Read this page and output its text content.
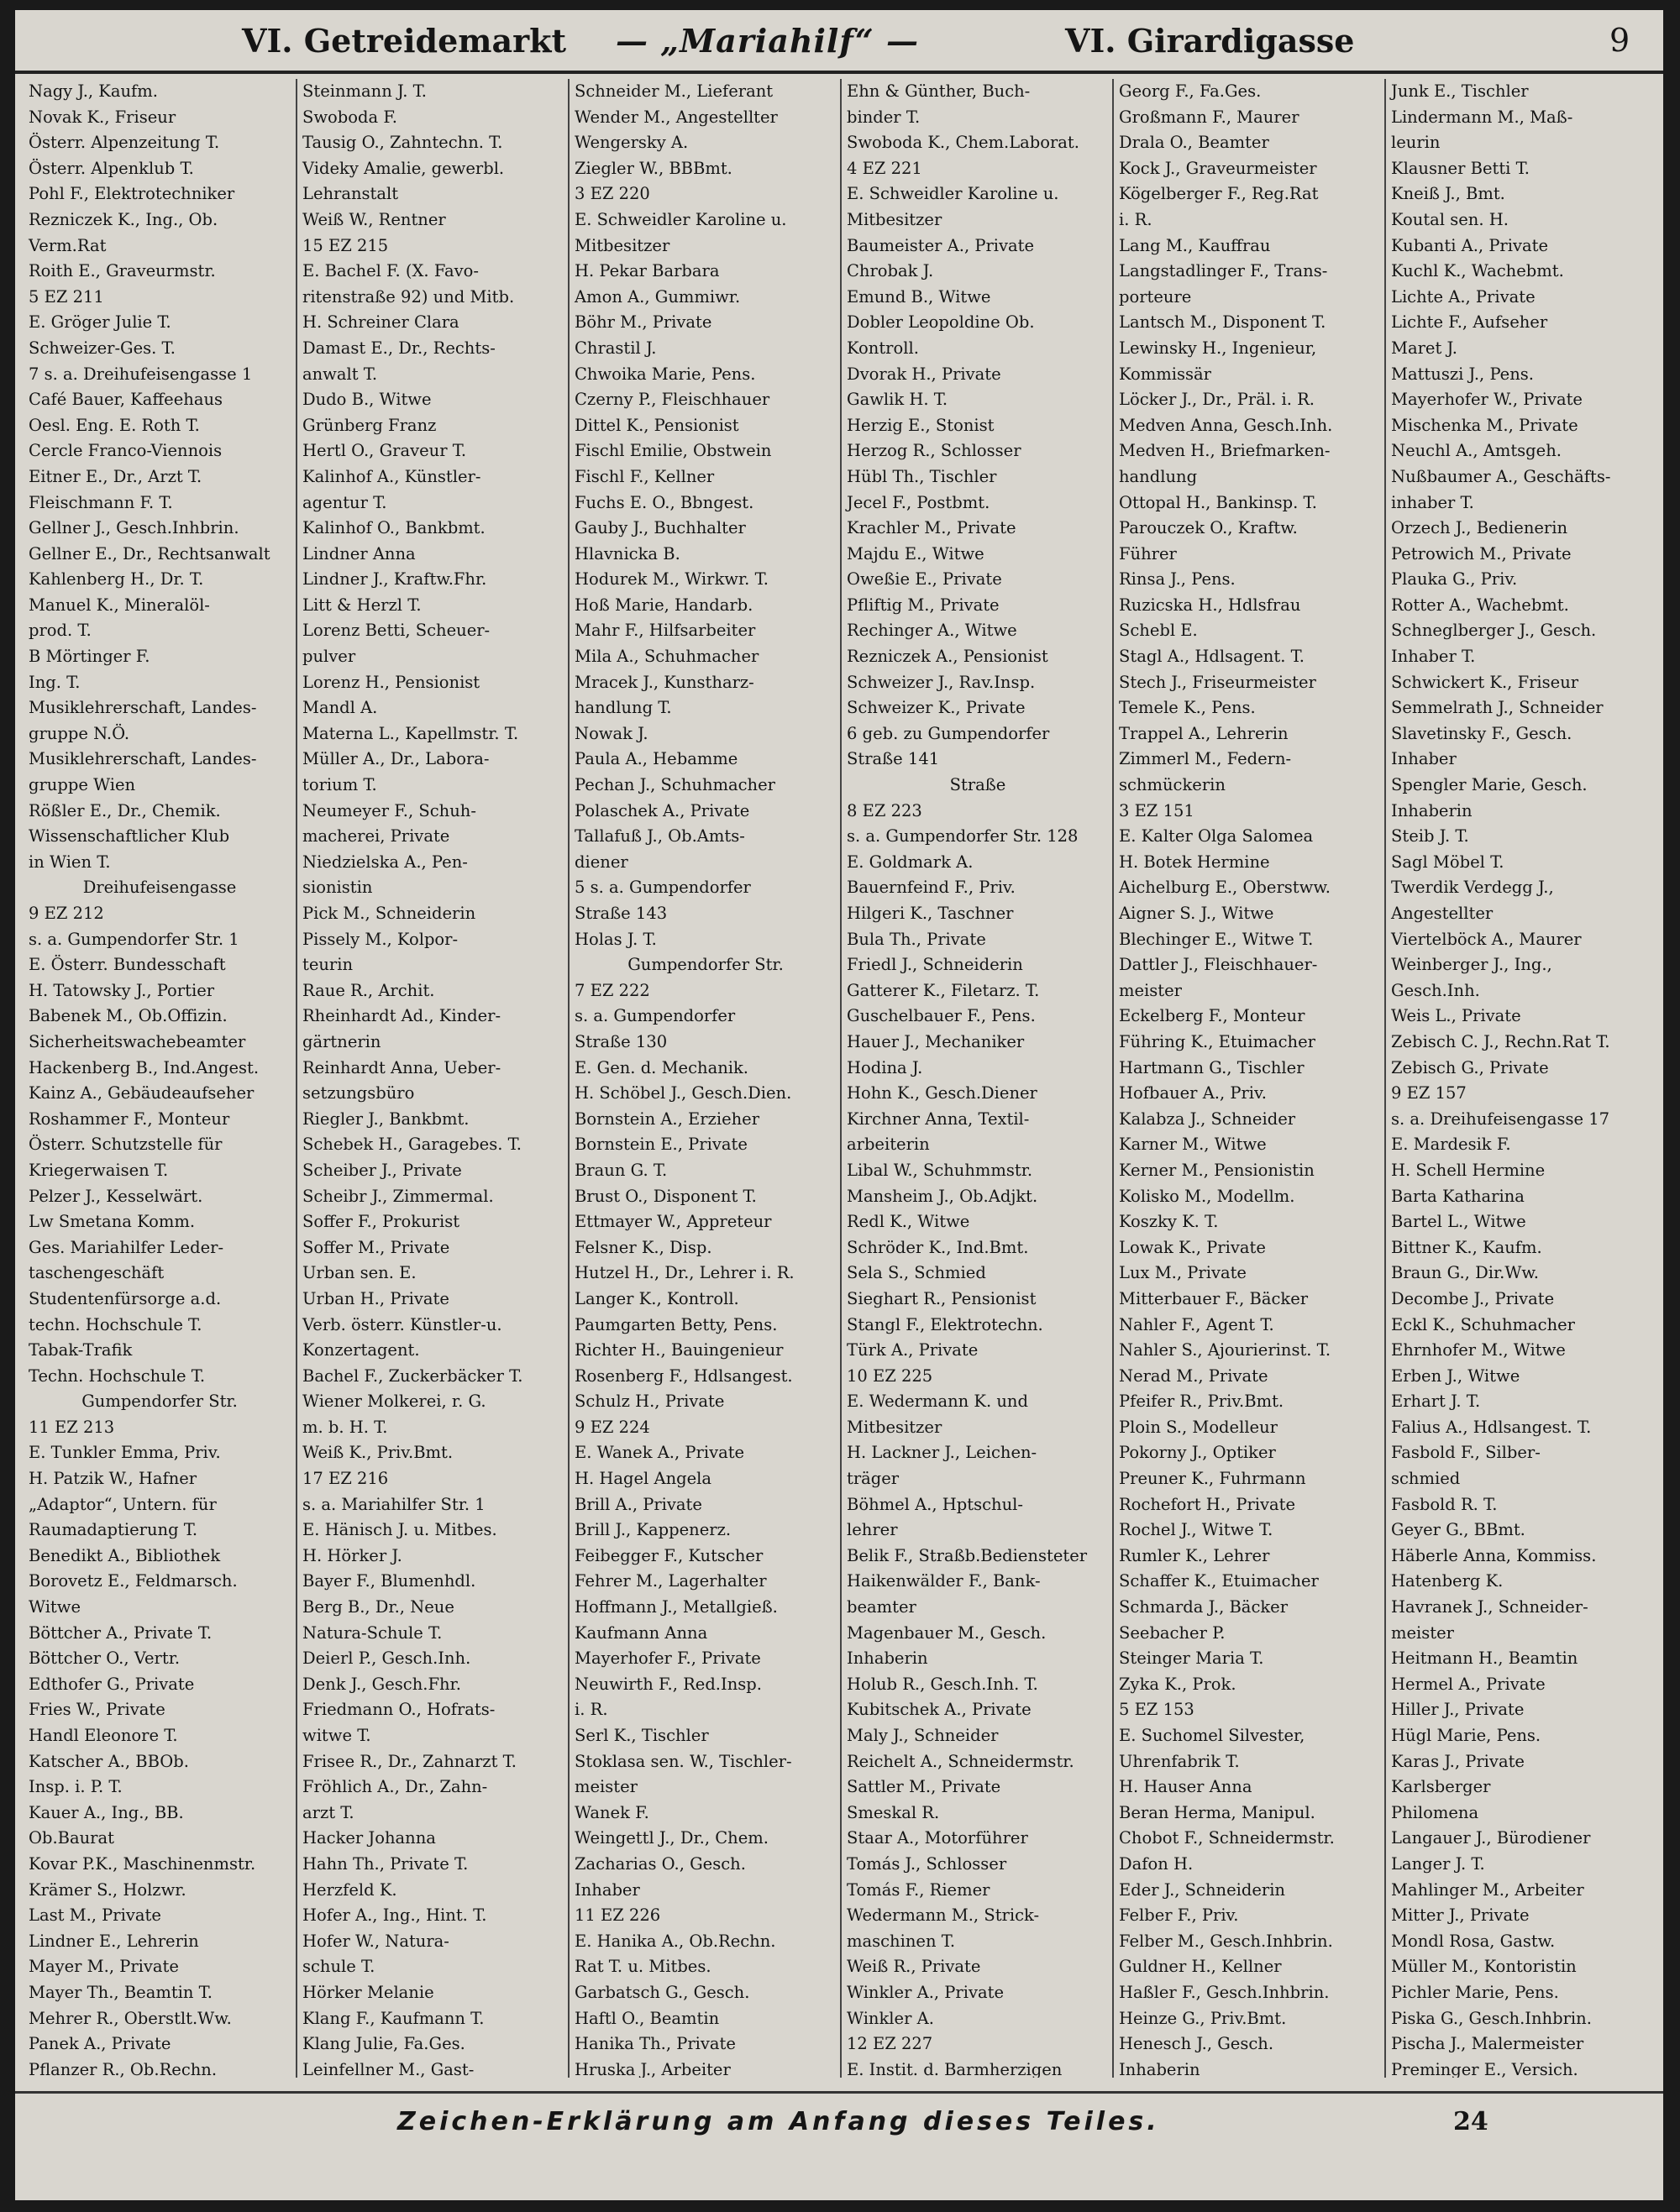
VI. Getreidemarkt — „Mariahilf“ —	VI. Girardigasse	9
Nagy J., Kaufm.
Novak K., Friseur
Österr. Alpenzeitung T.
Österr. Alpenklub T.
Pohl F., Elektrotechniker
Rezniczek K., Ing., Ob.
Verm.Rat
Roith E., Graveurmstr.
5 EZ 211
E. Gröger Julie T.
Schweizer-Ges. T.
7 s. a. Dreihufeisengasse 1
Café Bauer, Kaffeehaus
Oesl. Eng. E. Roth T.
Cercle Franco-Viennois
Eitner E., Dr., Arzt T.
Fleischmann F. T.
Gellner J., Gesch.Inhbrin.
Gellner E., Dr., Rechtsanwalt
Kahlenberg H., Dr. T.
Manuel K., Mineralöl-
prod. T.
B Mörtinger F.
Ing. T.
Musiklehrerschaft, Landes-
gruppe N.Ö.
Musiklehrerschaft, Landes-
gruppe Wien
Rößler E., Dr., Chemik.
Wissenschaftlicher Klub
in Wien T.
Dreihufeisengasse
9 EZ 212
s. a. Gumpendorfer Str. 1
E. Österr. Bundesschaft
H. Tatowsky J., Portier
Babenek M., Ob.Offizin.
Sicherheitswachebeamter
Hackenberg B., Ind.Angest.
Kainz A., Gebäudeaufseher
Roshammer F., Monteur
Österr. Schutzstelle für
Kriegerwaisen T.
Pelzer J., Kesselwärt.
Lw Smetana Komm.
Ges. Mariahilfer Leder-
taschengeschäft
Studentenfürsorge a.d.
techn. Hochschule T.
Tabak-Trafik
Techn. Hochschule T.
Gumpendorfer Str.
11 EZ 213
E. Tunkler Emma, Priv.
H. Patzik W., Hafner
„Adaptor“, Untern. für
Raumadaptierung T.
Benedikt A., Bibliothek
Borovetz E., Feldmarsch.
Witwe
Böttcher A., Private T.
Böttcher O., Vertr.
Edthofer G., Private
Fries W., Private
Handl Eleonore T.
Katscher A., BBOb.
Insp. i. P. T.
Kauer A., Ing., BB.
Ob.Baurat
Kovar P.K., Maschinenmstr.
Krämer S., Holzwr.
Last M., Private
Lindner E., Lehrerin
Mayer M., Private
Mayer Th., Beamtin T.
Mehrer R., Oberstlt.Ww.
Panek A., Private
Pflanzer R., Ob.Rechn.
Steinmann J. T.
Swoboda F.
Tausig O., Zahntechn. T.
Videky Amalie, gewerbl.
Lehranstalt
Weiß W., Rentner
15 EZ 215
E. Bachel F. (X. Favo-
ritenstraße 92) und Mitb.
H. Schreiner Clara
Damast E., Dr., Rechts-
anwalt T.
Dudo B., Witwe
Grünberg Franz
Hertl O., Graveur T.
Kalinhof A., Künstler-
agentur T.
Kalinhof O., Bankbmt.
Lindner Anna
Lindner J., Kraftw.Fhr.
Litt & Herzl T.
Lorenz Betti, Scheuer-
pulver
Lorenz H., Pensionist
Mandl A.
Materna L., Kapellmstr. T.
Müller A., Dr., Labora-
torium T.
Neumeyer F., Schuh-
macherei, Private
Niedzielska A., Pen-
sionistin
Pick M., Schneiderin
Pissely M., Kolpor-
teurin
Raue R., Archit.
Rheinhardt Ad., Kinder-
gärtnerin
Reinhardt Anna, Ueber-
setzungsbüro
Riegler J., Bankbmt.
Schebek H., Garagebes. T.
Scheiber J., Private
Scheibr J., Zimmermal.
Soffer F., Prokurist
Soffer M., Private
Urban sen. E.
Urban H., Private
Verb. österr. Künstler-u.
Konzertagent.
Bachel F., Zuckerbäcker T.
Wiener Molkerei, r. G.
m. b. H. T.
Weiß K., Priv.Bmt.
17 EZ 216
s. a. Mariahilfer Str. 1
E. Hänisch J. u. Mitbes.
H. Hörker J.
Bayer F., Blumenhdl.
Berg B., Dr., Neue
Natura-Schule T.
Deierl P., Gesch.Inh.
Denk J., Gesch.Fhr.
Friedmann O., Hofrats-
witwe T.
Frisee R., Dr., Zahnarzt T.
Fröhlich A., Dr., Zahn-
arzt T.
Hacker Johanna
Hahn Th., Private T.
Herzfeld K.
Hofer A., Ing., Hint. T.
Hofer W., Natura-
schule T.
Hörker Melanie
Klang F., Kaufmann T.
Klang Julie, Fa.Ges.
Leinfellner M., Gast-
Schneider M., Lieferant
Wender M., Angestellter
Wengersky A.
Ziegler W., BBBmt.
3 EZ 220
E. Schweidler Karoline u.
Mitbesitzer
H. Pekar Barbara
Amon A., Gummiwr.
Böhr M., Private
Chrastil J.
Chwoika Marie, Pens.
Czerny P., Fleischhauer
Dittel K., Pensionist
Fischl Emilie, Obstwein
Fischl F., Kellner
Fuchs E. O., Bbngest.
Gauby J., Buchhalter
Hlavnicka B.
Hodurek M., Wirkwr. T.
Hoß Marie, Handarb.
Mahr F., Hilfsarbeiter
Mila A., Schuhmacher
Mracek J., Kunstharz-
handlung T.
Nowak J.
Paula A., Hebamme
Pechan J., Schuhmacher
Polaschek A., Private
Tallafuß J., Ob.Amts-
diener
5 s. a. Gumpendorfer
Straße 143
Holas J. T.
Gumpendorfer Str.
7 EZ 222
s. a. Gumpendorfer
Straße 130
E. Gen. d. Mechanik.
H. Schöbel J., Gesch.Dien.
Bornstein A., Erzieher
Bornstein E., Private
Braun G. T.
Brust O., Disponent T.
Ettmayer W., Appreteur
Felsner K., Disp.
Hutzel H., Dr., Lehrer i. R.
Langer K., Kontroll.
Paumgarten Betty, Pens.
Richter H., Bauingenieur
Rosenberg F., Hdlsangest.
Schulz H., Private
9 EZ 224
E. Wanek A., Private
H. Hagel Angela
Brill A., Private
Brill J., Kappenerz.
Feibegger F., Kutscher
Fehrer M., Lagerhalter
Hoffmann J., Metallgieß.
Kaufmann Anna
Mayerhofer F., Private
Neuwirth F., Red.Insp.
i. R.
Serl K., Tischler
Stoklasa sen. W., Tischler-
meister
Wanek F.
Weingettl J., Dr., Chem.
Zacharias O., Gesch.
Inhaber
11 EZ 226
E. Hanika A., Ob.Rechn.
Rat T. u. Mitbes.
Garbatsch G., Gesch.
Haftl O., Beamtin
Hanika Th., Private
Hruska J., Arbeiter
Ehn & Günther, Buch-
binder T.
Swoboda K., Chem.Laborat.
4 EZ 221
E. Schweidler Karoline u.
Mitbesitzer
Baumeister A., Private
Chrobak J.
Emund B., Witwe
Dobler Leopoldine Ob.
Kontroll.
Dvorak H., Private
Gawlik H. T.
Herzig E., Stonist
Herzog R., Schlosser
Hübl Th., Tischler
Jecel F., Postbmt.
Krachler M., Private
Majdu E., Witwe
Oweßie E., Private
Pfliftig M., Private
Rechinger A., Witwe
Rezniczek A., Pensionist
Schweizer J., Rav.Insp.
Schweizer K., Private
6 geb. zu Gumpendorfer
Straße 141
Straße
8 EZ 223
s. a. Gumpendorfer Str. 128
E. Goldmark A.
Bauernfeind F., Priv.
Hilgeri K., Taschner
Bula Th., Private
Friedl J., Schneiderin
Gatterer K., Filetarz. T.
Guschelbauer F., Pens.
Hauer J., Mechaniker
Hodina J.
Hohn K., Gesch.Diener
Kirchner Anna, Textil-
arbeiterin
Libal W., Schuhmmstr.
Mansheim J., Ob.Adjkt.
Redl K., Witwe
Schröder K., Ind.Bmt.
Sela S., Schmied
Sieghart R., Pensionist
Stangl F., Elektrotechn.
Türk A., Private
10 EZ 225
E. Wedermann K. und
Mitbesitzer
H. Lackner J., Leichen-
träger
Böhmel A., Hptschul-
lehrer
Belik F., Straßb.Bediensteter
Haikenwälder F., Bank-
beamter
Magenbauer M., Gesch.
Inhaberin
Holub R., Gesch.Inh. T.
Kubitschek A., Private
Maly J., Schneider
Reichelt A., Schneidermstr.
Sattler M., Private
Smeskal R.
Staar A., Motorführer
Tomás J., Schlosser
Tomás F., Riemer
Wedermann M., Strick-
maschinen T.
Weiß R., Private
Winkler A., Private
Winkler A.
12 EZ 227
E. Instit. d. Barmherzigen
Georg F., Fa.Ges.
Großmann F., Maurer
Drala O., Beamter
Kock J., Graveurmeister
Kögelberger F., Reg.Rat
i. R.
Lang M., Kauffrau
Langstadlinger F., Trans-
porteure
Lantsch M., Disponent T.
Lewinsky H., Ingenieur,
Kommissär
Löcker J., Dr., Präl. i. R.
Medven Anna, Gesch.Inh.
Medven H., Briefmarken-
handlung
Ottopal H., Bankinsp. T.
Parouczek O., Kraftw.
Führer
Rinsa J., Pens.
Ruzicska H., Hdlsfrau
Schebl E.
Stagl A., Hdlsagent. T.
Stech J., Friseurmeister
Temele K., Pens.
Trappel A., Lehrerin
Zimmerl M., Federn-
schmückerin
3 EZ 151
E. Kalter Olga Salomea
H. Botek Hermine
Aichelburg E., Oberstww.
Aigner S. J., Witwe
Blechinger E., Witwe T.
Dattler J., Fleischhauer-
meister
Eckelberg F., Monteur
Führing K., Etuimacher
Hartmann G., Tischler
Hofbauer A., Priv.
Kalabza J., Schneider
Karner M., Witwe
Kerner M., Pensionistin
Kolisko M., Modellm.
Koszky K. T.
Lowak K., Private
Lux M., Private
Mitterbauer F., Bäcker
Nahler F., Agent T.
Nahler S., Ajourierinst. T.
Nerad M., Private
Pfeifer R., Priv.Bmt.
Ploin S., Modelleur
Pokorny J., Optiker
Preuner K., Fuhrmann
Rochefort H., Private
Rochel J., Witwe T.
Rumler K., Lehrer
Schaffer K., Etuimacher
Schmarda J., Bäcker
Seebacher P.
Steinger Maria T.
Zyka K., Prok.
5 EZ 153
E. Suchomel Silvester,
Uhrenfabrik T.
H. Hauser Anna
Beran Herma, Manipul.
Chobot F., Schneidermstr.
Dafon H.
Eder J., Schneiderin
Felber F., Priv.
Felber M., Gesch.Inhbrin.
Guldner H., Kellner
Haßler F., Gesch.Inhbrin.
Heinze G., Priv.Bmt.
Henesch J., Gesch.
Inhaberin
Junk E., Tischler
Lindermann M., Maß-
leurin
Klausner Betti T.
Kneiß J., Bmt.
Koutal sen. H.
Kubanti A., Private
Kuchl K., Wachebmt.
Lichte A., Private
Lichte F., Aufseher
Maret J.
Mattuszi J., Pens.
Mayerhofer W., Private
Mischenka M., Private
Neuchl A., Amtsgeh.
Nußbaumer A., Geschäfts-
inhaber T.
Orzech J., Bedienerin
Petrowich M., Private
Plauka G., Priv.
Rotter A., Wachebmt.
Schneglberger J., Gesch.
Inhaber T.
Schwickert K., Friseur
Semmelrath J., Schneider
Slavetinsky F., Gesch.
Inhaber
Spengler Marie, Gesch.
Inhaberin
Steib J. T.
Sagl Möbel T.
Twerdik Verdegg J.,
Angestellter
Viertelböck A., Maurer
Weinberger J., Ing.,
Gesch.Inh.
Weis L., Private
Zebisch C. J., Rechn.Rat T.
Zebisch G., Private
9 EZ 157
s. a. Dreihufeisengasse 17
E. Mardesik F.
H. Schell Hermine
Barta Katharina
Bartel L., Witwe
Bittner K., Kaufm.
Braun G., Dir.Ww.
Decombe J., Private
Eckl K., Schuhmacher
Ehrnhofer M., Witwe
Erben J., Witwe
Erhart J. T.
Falius A., Hdlsangest. T.
Fasbold F., Silber-
schmied
Fasbold R. T.
Geyer G., BBmt.
Häberle Anna, Kommiss.
Hatenberg K.
Havranek J., Schneider-
meister
Heitmann H., Beamtin
Hermel A., Private
Hiller J., Private
Hügl Marie, Pens.
Karas J., Private
Karlsberger
Philomena
Langauer J., Bürodiener
Langer J. T.
Mahlinger M., Arbeiter
Mitter J., Private
Mondl Rosa, Gastw.
Müller M., Kontoristin
Pichler Marie, Pens.
Piska G., Gesch.Inhbrin.
Pischa J., Malermeister
Preminger E., Versich.
Zeichen-Erklärung am Anfang dieses Teiles.	24
